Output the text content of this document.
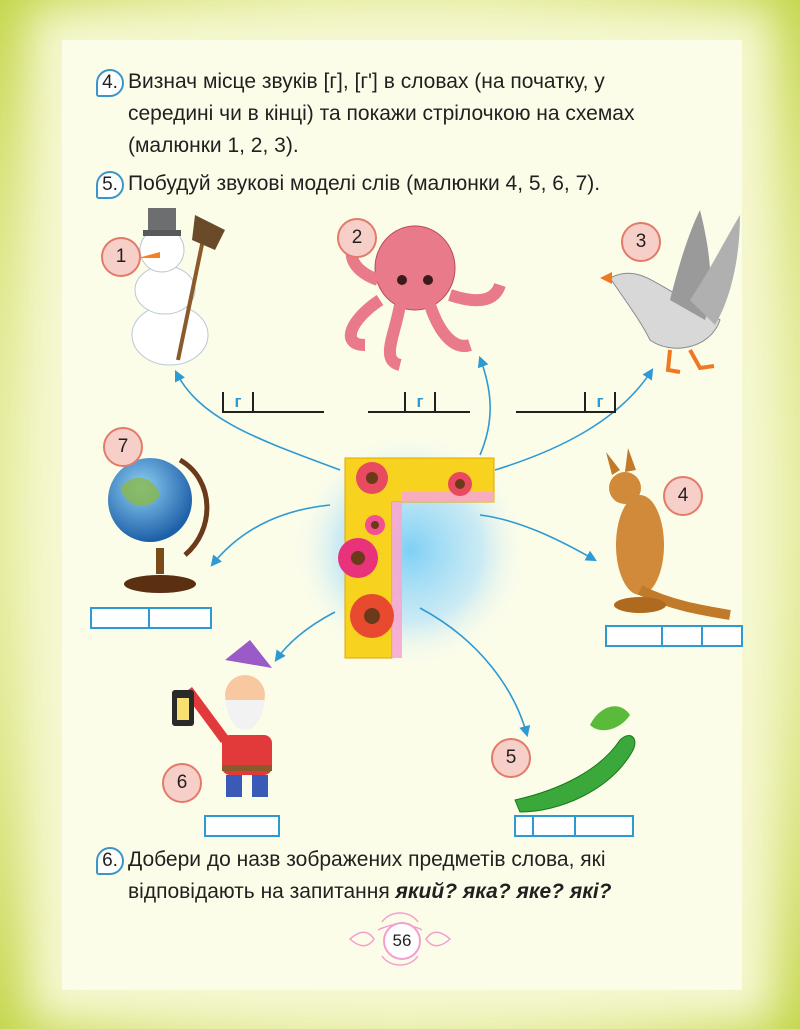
4. Визнач місце звуків [г], [г'] в словах (на початку, у
середині чи в кінці) та покажи стрілочкою на схемах
(малюнки 1, 2, 3).
5. Побудуй звукові моделі слів (малюнки 4, 5, 6, 7).
1
2	3
4
5
6
7
г	г	г
6. Добери до назв зображених предметів слова, які
відповідають на запитання який? яка? яке? які?
56
